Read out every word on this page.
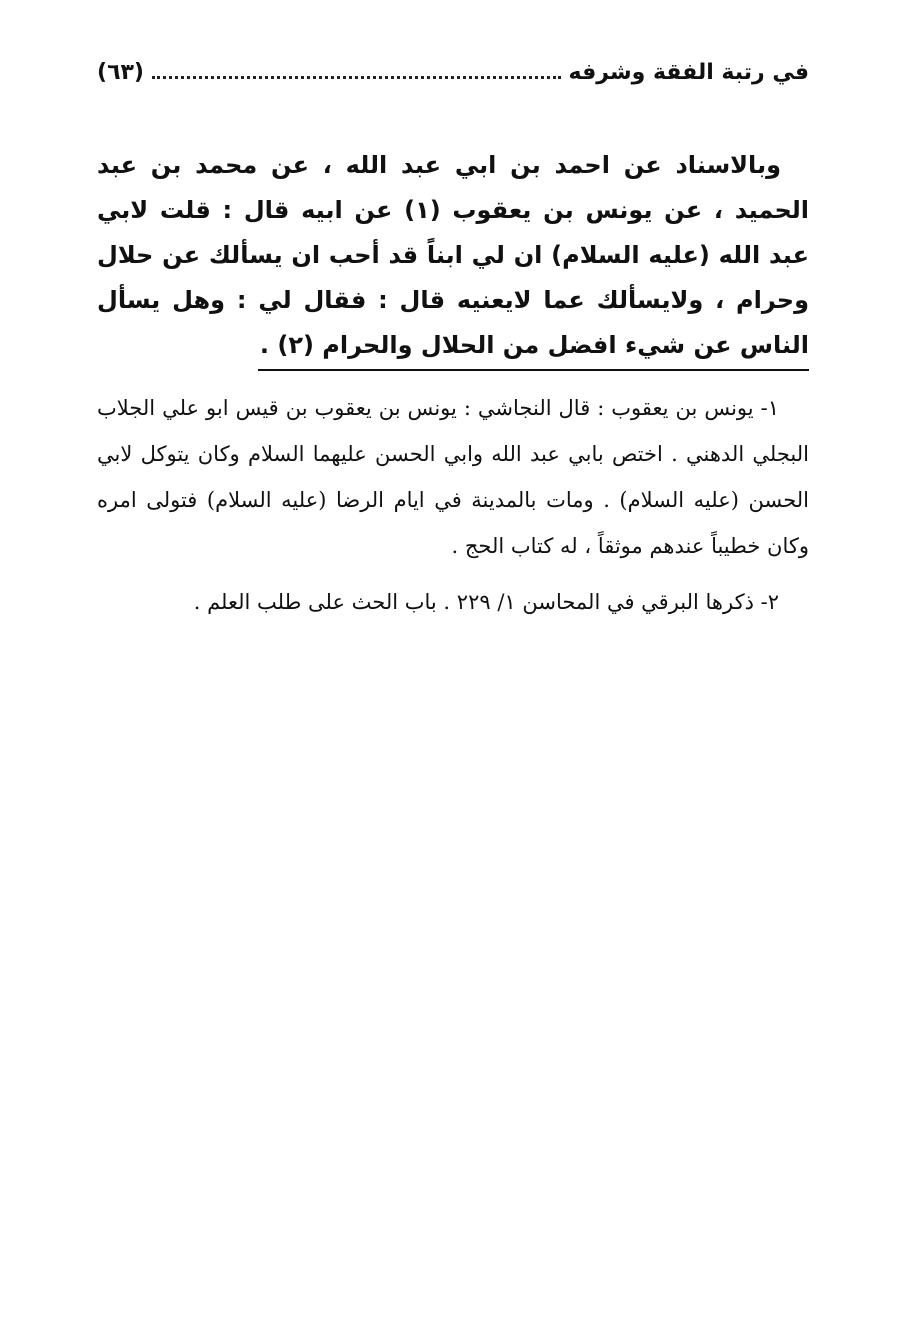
في رتبة الفقة وشرفه
(٦٣)

وبالاسناد عن احمد بن ابي عبد الله ، عن محمد بن عبد الحميد ، عن يونس بن يعقوب (١) عن ابيه قال : قلت لابي عبد الله (عليه السلام) ان لي ابناً قد أحب ان يسألك عن حلال وحرام ، ولايسألك عما لايعنيه قال : فقال لي : وهل يسأل الناس عن شيء افضل من الحلال والحرام (٢) .

١- يونس بن يعقوب : قال النجاشي : يونس بن يعقوب بن قيس ابو علي الجلاب البجلي الدهني . اختص بابي عبد الله وابي الحسن عليهما السلام وكان يتوكل لابي الحسن (عليه السلام) . ومات بالمدينة في ايام الرضا (عليه السلام) فتولى امره وكان خطيباً عندهم موثقاً ، له كتاب الحج .

٢- ذكرها البرقي في المحاسن ١/ ٢٢٩ . باب الحث على طلب العلم .
